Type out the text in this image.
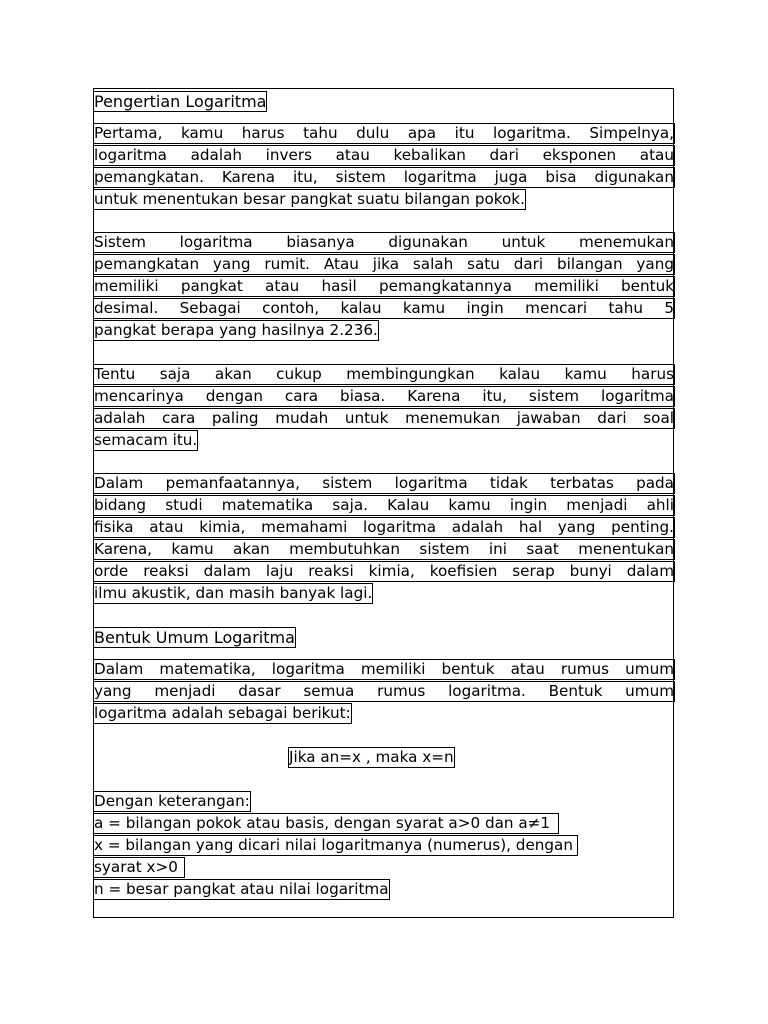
Pengertian Logaritma
Pertama, kamu harus tahu dulu apa itu logaritma. Simpelnya,
logaritma adalah invers atau kebalikan dari eksponen atau
pemangkatan. Karena itu, sistem logaritma juga bisa digunakan
untuk menentukan besar pangkat suatu bilangan pokok.
Sistem logaritma biasanya digunakan untuk menemukan
pemangkatan yang rumit. Atau jika salah satu dari bilangan yang
memiliki pangkat atau hasil pemangkatannya memiliki bentuk
desimal. Sebagai contoh, kalau kamu ingin mencari tahu 5
pangkat berapa yang hasilnya 2.236.
Tentu saja akan cukup membingungkan kalau kamu harus
mencarinya dengan cara biasa. Karena itu, sistem logaritma
adalah cara paling mudah untuk menemukan jawaban dari soal
semacam itu.
Dalam pemanfaatannya, sistem logaritma tidak terbatas pada
bidang studi matematika saja. Kalau kamu ingin menjadi ahli
fisika atau kimia, memahami logaritma adalah hal yang penting.
Karena, kamu akan membutuhkan sistem ini saat menentukan
orde reaksi dalam laju reaksi kimia, koefisien serap bunyi dalam
ilmu akustik, dan masih banyak lagi.
Bentuk Umum Logaritma
Dalam matematika, logaritma memiliki bentuk atau rumus umum
yang menjadi dasar semua rumus logaritma. Bentuk umum
logaritma adalah sebagai berikut:
Jika an=x , maka x=n
Dengan keterangan:
a = bilangan pokok atau basis, dengan syarat a>0 dan a≠1
x = bilangan yang dicari nilai logaritmanya (numerus), dengan
syarat x>0
n = besar pangkat atau nilai logaritma
